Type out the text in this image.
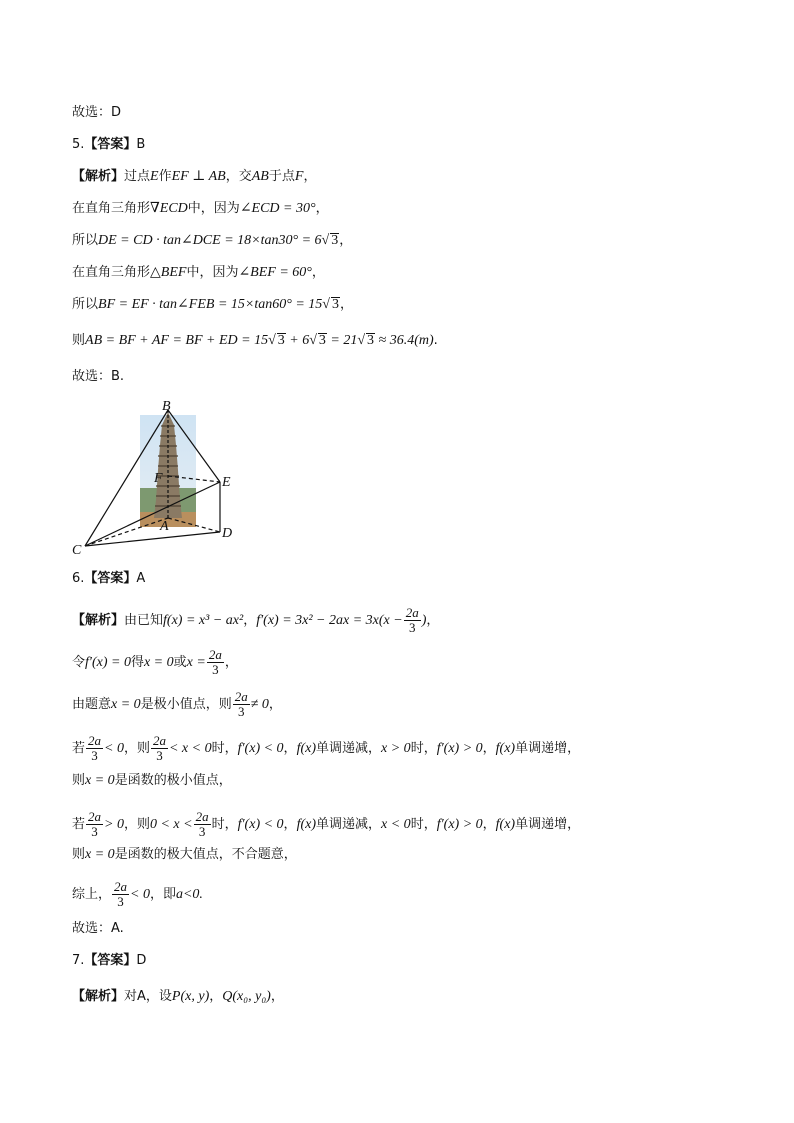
故选：D
5.【答案】B
【解析】过点E作EF ⊥ AB，交AB于点F，
在直角三角形∇ECD中，因为∠ECD = 30°，
所以DE = CD · tan∠DCE = 18×tan30° = 6√ 3，
在直角三角形△BEF中，因为∠BEF = 60°，
所以BF = EF · tan∠FEB = 15×tan60° = 15√ 3，
则AB = BF + AF = BF + ED = 15√ 3 + 6√ 3 = 21√ 3 ≈ 36.4(m).
故选：B.
B
E
F
A	D
C
6.【答案】A
【解析】由已知f(x) = x³ − ax²，$f'(x) = 3x^2 - 2ax = 3x(x - \frac{2a}{3}$ )，
令f′(x) = 0得x = 0或$x = \frac{2a}{3}$ ，
由题意x = 0是极小值点，则 $\frac{2a}{3} \ne 0$，
若 $\frac{2a}{3} < 0$，则 $\frac{2a}{3} < x < 0$时，f′(x) < 0，f(x)单调递减，x > 0时，f′(x) > 0，f(x)单调递增，
则x = 0是函数的极小值点，
若 $\frac{2a}{3} > 0$，则$0 < x < \frac{2a}{3}$ 时，f′(x) < 0，f(x)单调递减，x < 0时，f′(x) > 0，f(x)单调递增，
则x = 0是函数的极大值点，不合题意，
综上， $\frac{2a}{3} < 0$，即a<0.
故选：A.
7.【答案】D
【解析】对A，设P(x, y)，Q(x₀, y₀)，
